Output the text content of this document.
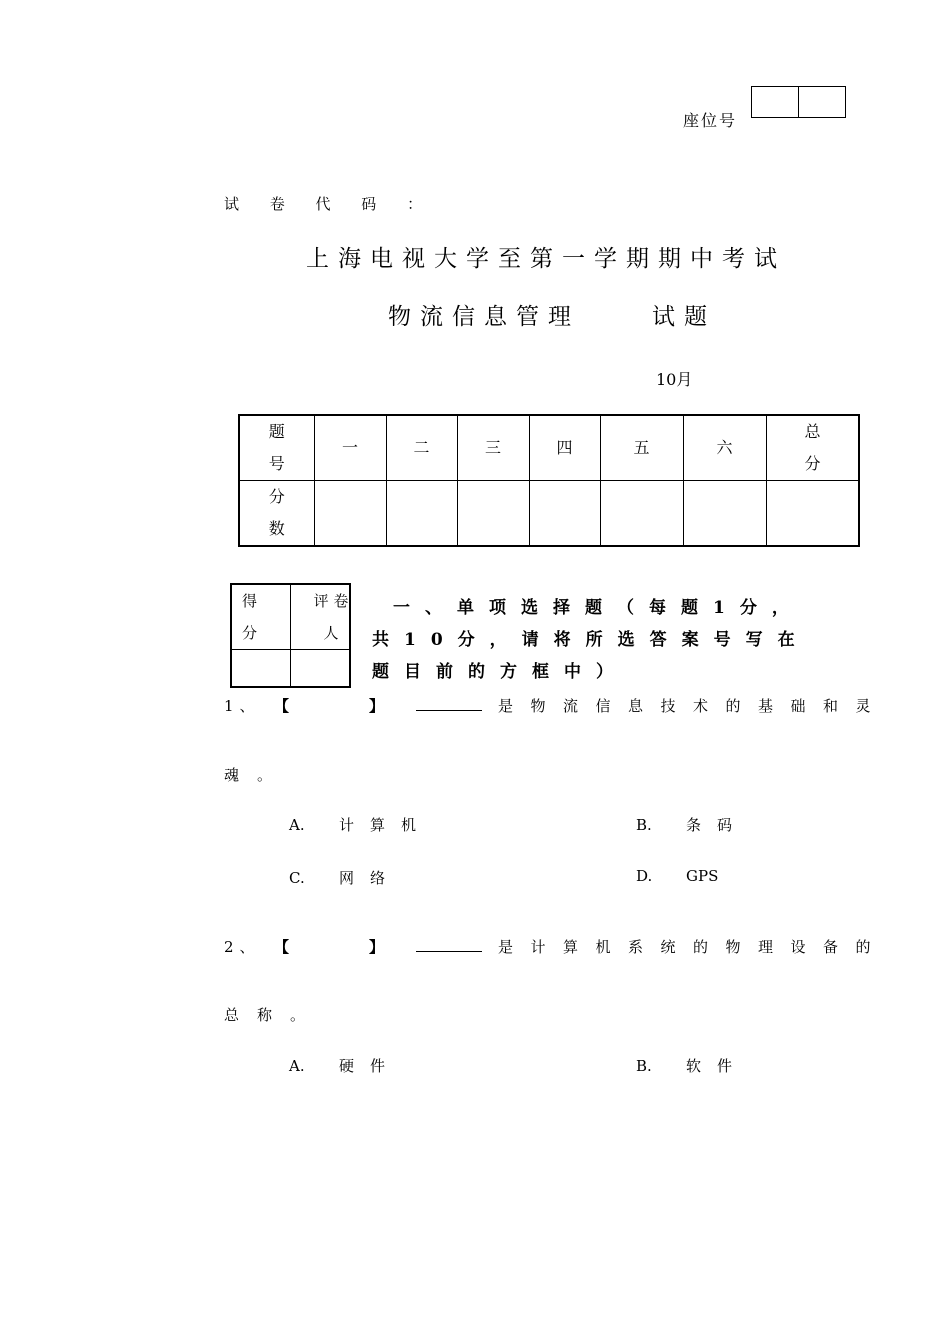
座位号
试 卷 代 码 ：
上海电视大学至第一学期期中考试
物流信息管理	试题
10月
题 号	一	二	三	四	五	六	总 分
分 数							
得 分	评 卷人

一、单项选择题（每题1分，
共10分，请将所选答案号写在
题目前的方框中）
1、 【	】	是物流信息技术的基础和灵
魂。
A. 计算机	B. 条码
C. 网络	D. GPS
2、 【	】	是计算机系统的物理设备的
总称。
A. 硬件	B. 软件
